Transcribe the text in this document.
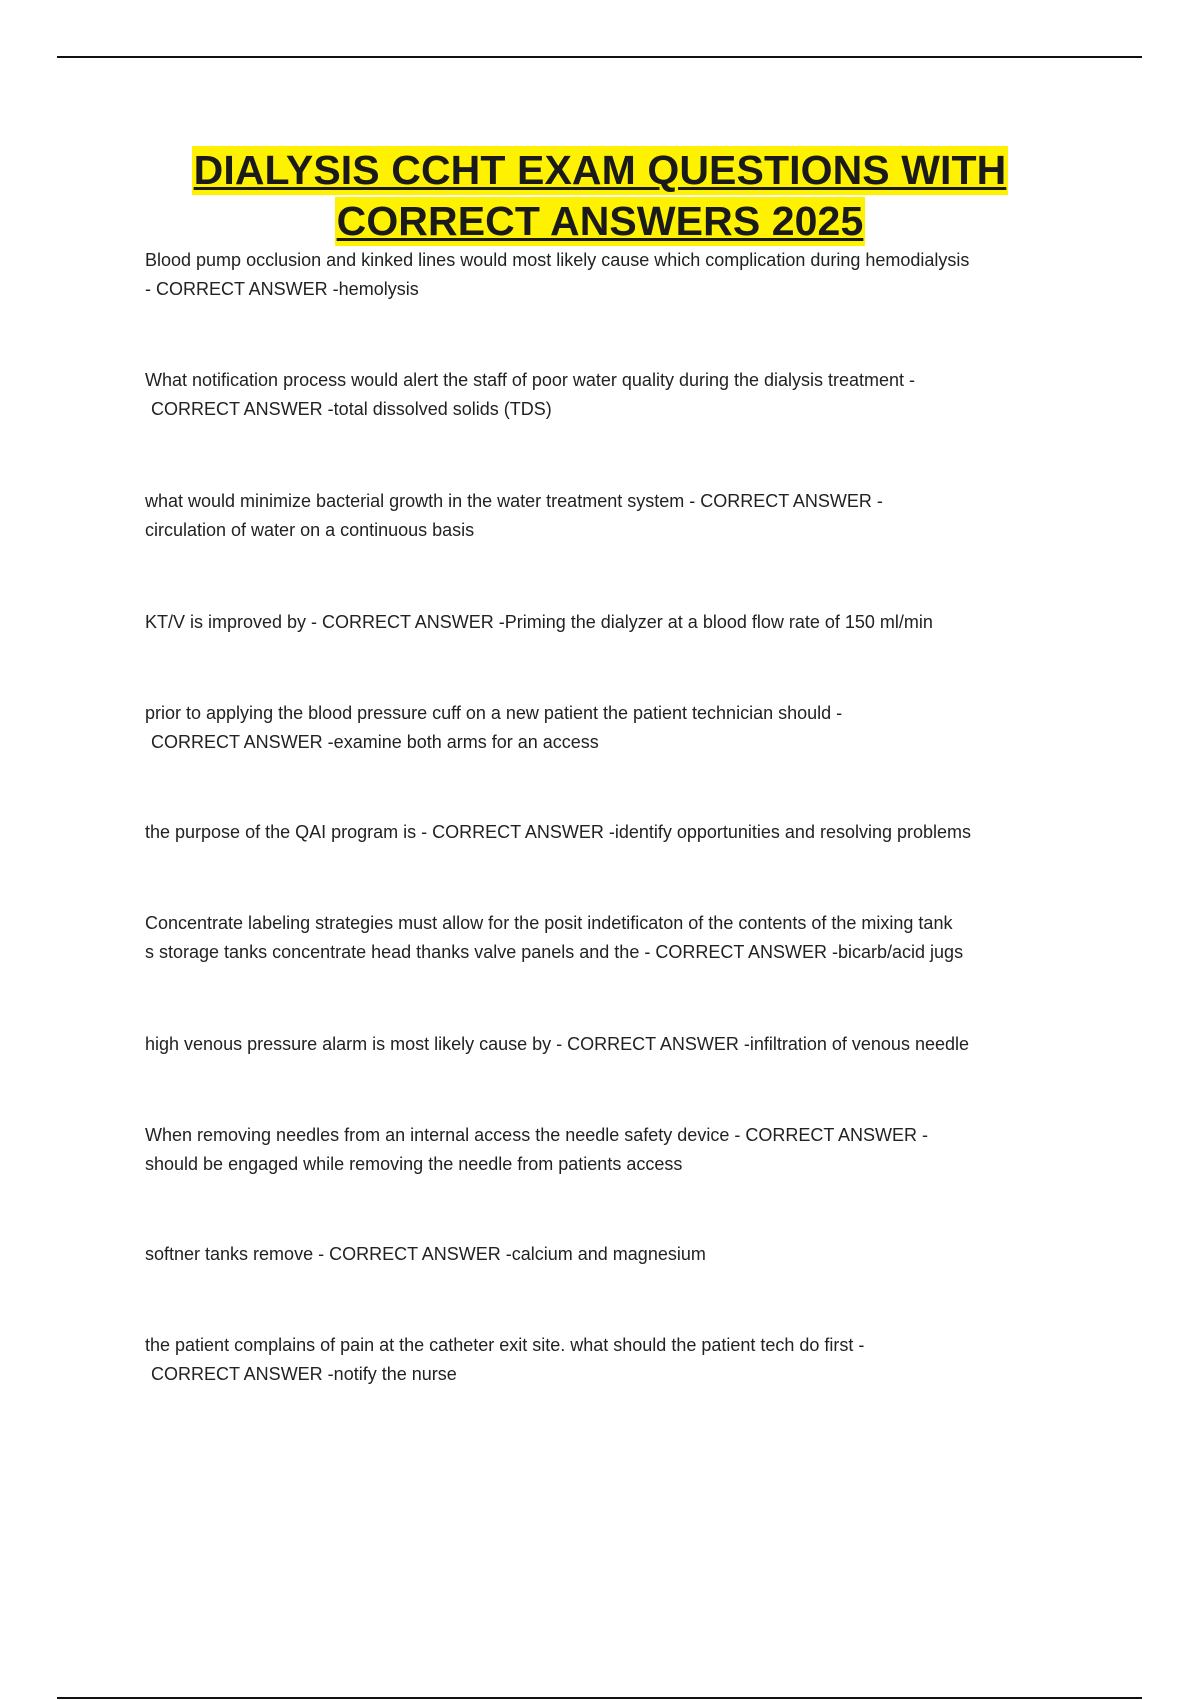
DIALYSIS CCHT EXAM QUESTIONS WITH
CORRECT ANSWERS 2025
Blood pump occlusion and kinked lines would most likely cause which complication during hemodialysis
- CORRECT ANSWER -hemolysis
What notification process would alert the staff of poor water quality during the dialysis treatment -
CORRECT ANSWER -total dissolved solids (TDS)
what would minimize bacterial growth in the water treatment system - CORRECT ANSWER -
circulation of water on a continuous basis
KT/V is improved by - CORRECT ANSWER -Priming the dialyzer at a blood flow rate of 150 ml/min
prior to applying the blood pressure cuff on a new patient the patient technician should -
CORRECT ANSWER -examine both arms for an access
the purpose of the QAI program is - CORRECT ANSWER -identify opportunities and resolving problems
Concentrate labeling strategies must allow for the posit indetificaton of the contents of the mixing tank
s storage tanks concentrate head thanks valve panels and the - CORRECT ANSWER -bicarb/acid jugs
high venous pressure alarm is most likely cause by - CORRECT ANSWER -infiltration of venous needle
When removing needles from an internal access the needle safety device - CORRECT ANSWER -
should be engaged while removing the needle from patients access
softner tanks remove - CORRECT ANSWER -calcium and magnesium
the patient complains of pain at the catheter exit site. what should the patient tech do first -
CORRECT ANSWER -notify the nurse
